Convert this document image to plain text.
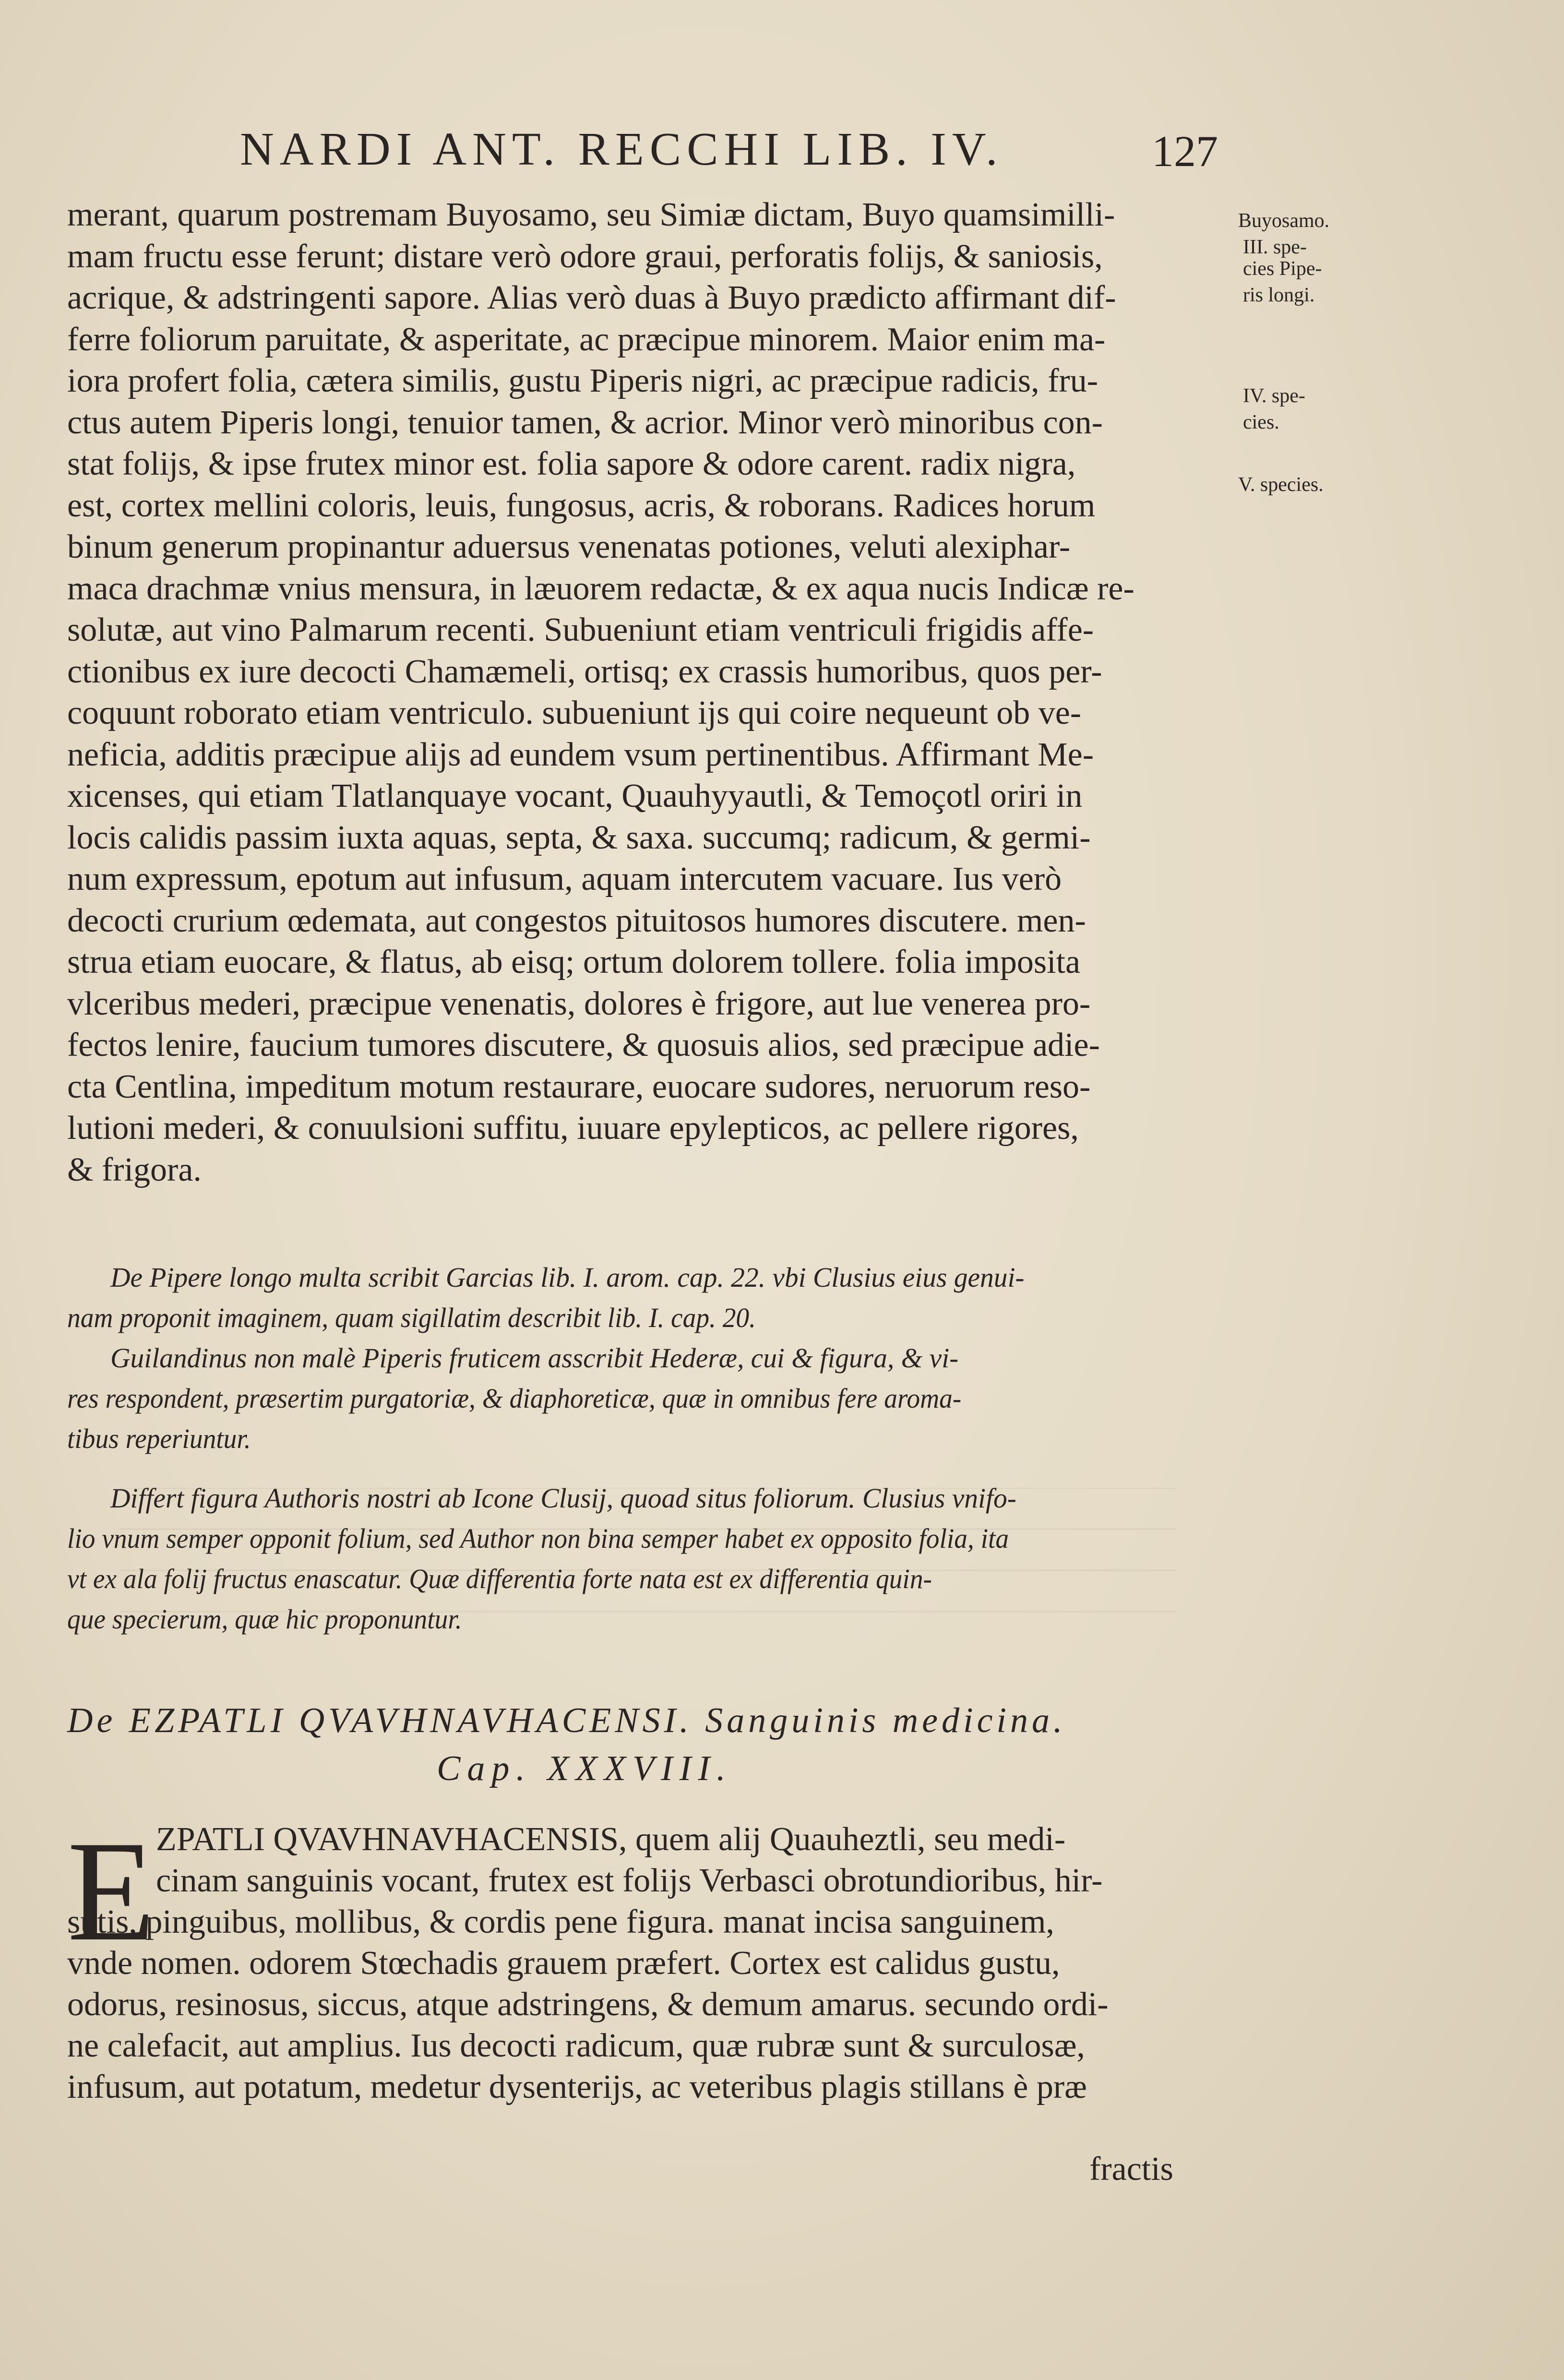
NARDI ANT. RECCHI LIB. IV.	127
merant, quarum postremam Buyosamo, seu Simiæ dictam, Buyo quamsimilli-
mam fructu esse ferunt; distare verò odore graui, perforatis folijs, & saniosis,
acrique, & adstringenti sapore. Alias verò duas à Buyo prædicto affirmant dif-
ferre foliorum paruitate, & asperitate, ac præcipue minorem. Maior enim ma-
iora profert folia, cætera similis, gustu Piperis nigri, ac præcipue radicis, fru-
ctus autem Piperis longi, tenuior tamen, & acrior. Minor verò minoribus con-
stat folijs, & ipse frutex minor est. folia sapore & odore carent. radix nigra,
est, cortex mellini coloris, leuis, fungosus, acris, & roborans. Radices horum
binum generum propinantur aduersus venenatas potiones, veluti alexiphar-
maca drachmæ vnius mensura, in læuorem redactæ, & ex aqua nucis Indicæ re-
solutæ, aut vino Palmarum recenti. Subueniunt etiam ventriculi frigidis affe-
ctionibus ex iure decocti Chamæmeli, ortisq; ex crassis humoribus, quos per-
coquunt roborato etiam ventriculo. subueniunt ijs qui coire nequeunt ob ve-
neficia, additis præcipue alijs ad eundem vsum pertinentibus. Affirmant Me-
xicenses, qui etiam Tlatlanquaye vocant, Quauhyyautli, & Temoçotl oriri in
locis calidis passim iuxta aquas, septa, & saxa. succumq; radicum, & germi-
num expressum, epotum aut infusum, aquam intercutem vacuare. Ius verò
decocti crurium œdemata, aut congestos pituitosos humores discutere. men-
strua etiam euocare, & flatus, ab eisq; ortum dolorem tollere. folia imposita
vlceribus mederi, præcipue venenatis, dolores è frigore, aut lue venerea pro-
fectos lenire, faucium tumores discutere, & quosuis alios, sed præcipue adie-
cta Centlina, impeditum motum restaurare, euocare sudores, neruorum reso-
lutioni mederi, & conuulsioni suffitu, iuuare epylepticos, ac pellere rigores,
& frigora.
Buyosamo.
III. spe-
cies Pipe-
ris longi.
IV. spe-
cies.
V. species.
De Pipere longo multa scribit Garcias lib. I. arom. cap. 22. vbi Clusius eius genui-
nam proponit imaginem, quam sigillatim describit lib. I. cap. 20.
Guilandinus non malè Piperis fruticem asscribit Hederæ, cui & figura, & vi-
res respondent, præsertim purgatoriæ, & diaphoreticæ, quæ in omnibus fere aroma-
tibus reperiuntur.
Differt figura Authoris nostri ab Icone Clusij, quoad situs foliorum. Clusius vnifo-
lio vnum semper opponit folium, sed Author non bina semper habet ex opposito folia, ita
vt ex ala folij fructus enascatur. Quæ differentia forte nata est ex differentia quin-
que specierum, quæ hic proponuntur.
De EZPATLI QVAVHNAVHACENSI. Sanguinis medicina.
Cap. XXXVIII.
E ZPATLI QVAVHNAVHACENSIS, quem alij Quauheztli, seu medi-
cinam sanguinis vocant, frutex est folijs Verbasci obrotundioribus, hir-
sutis, pinguibus, mollibus, & cordis pene figura. manat incisa sanguinem,
vnde nomen. odorem Stœchadis grauem præfert. Cortex est calidus gustu,
odorus, resinosus, siccus, atque adstringens, & demum amarus. secundo ordi-
ne calefacit, aut amplius. Ius decocti radicum, quæ rubræ sunt & surculosæ,
infusum, aut potatum, medetur dysenterijs, ac veteribus plagis stillans è præ
fractis
